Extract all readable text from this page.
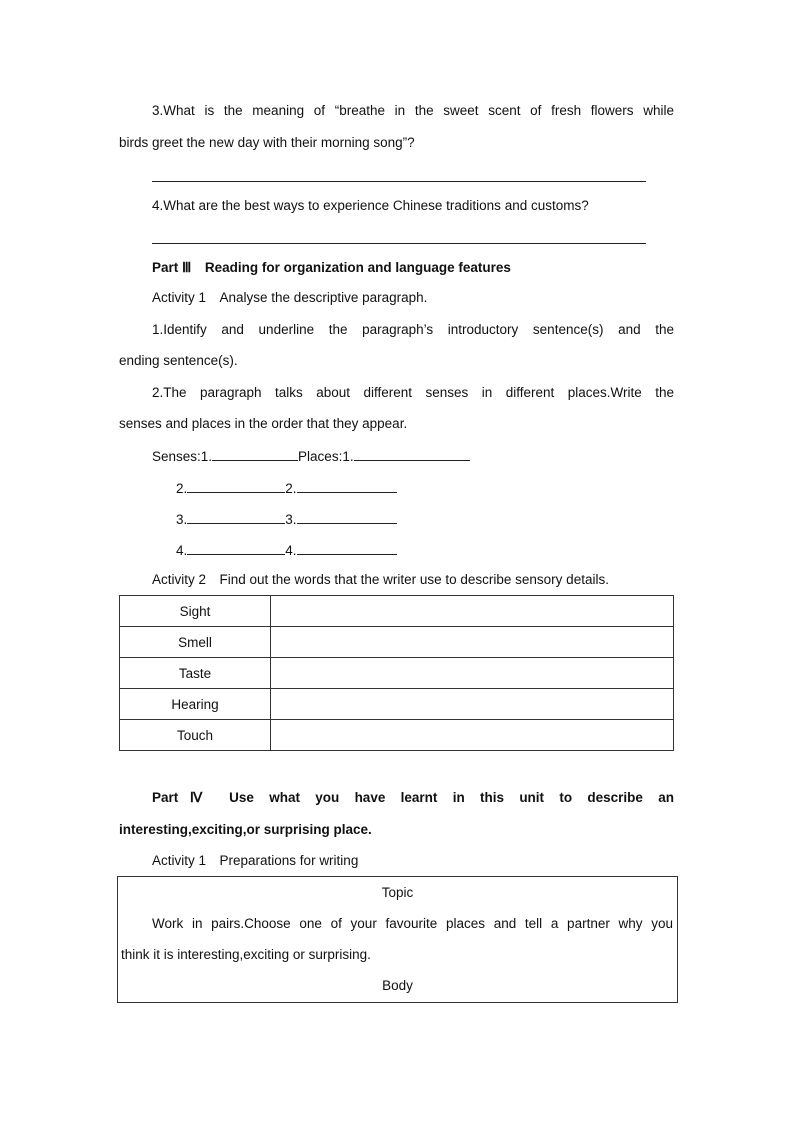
3.What is the meaning of “breathe in the sweet scent of fresh flowers while
birds greet the new day with their morning song”?
4.What are the best ways to experience Chinese traditions and customs?
Part Ⅲ　Reading for organization and language features
Activity 1　Analyse the descriptive paragraph.
1.Identify and underline the paragraph’s introductory sentence(s) and the
ending sentence(s).
2.The paragraph talks about different senses in different places.Write the
senses and places in the order that they appear.
Senses:1.	Places:1.
2.	2.
3.	3.
4.	4.
Activity 2　Find out the words that the writer use to describe sensory details.
Sight	
Smell	
Taste	
Hearing	
Touch	
PartⅣ Use what you have learnt in this unit to describe an
interesting,exciting,or surprising place.
Activity 1　Preparations for writing
Topic
Work in pairs.Choose one of your favourite places and tell a partner why you
think it is interesting,exciting or surprising.
Body
